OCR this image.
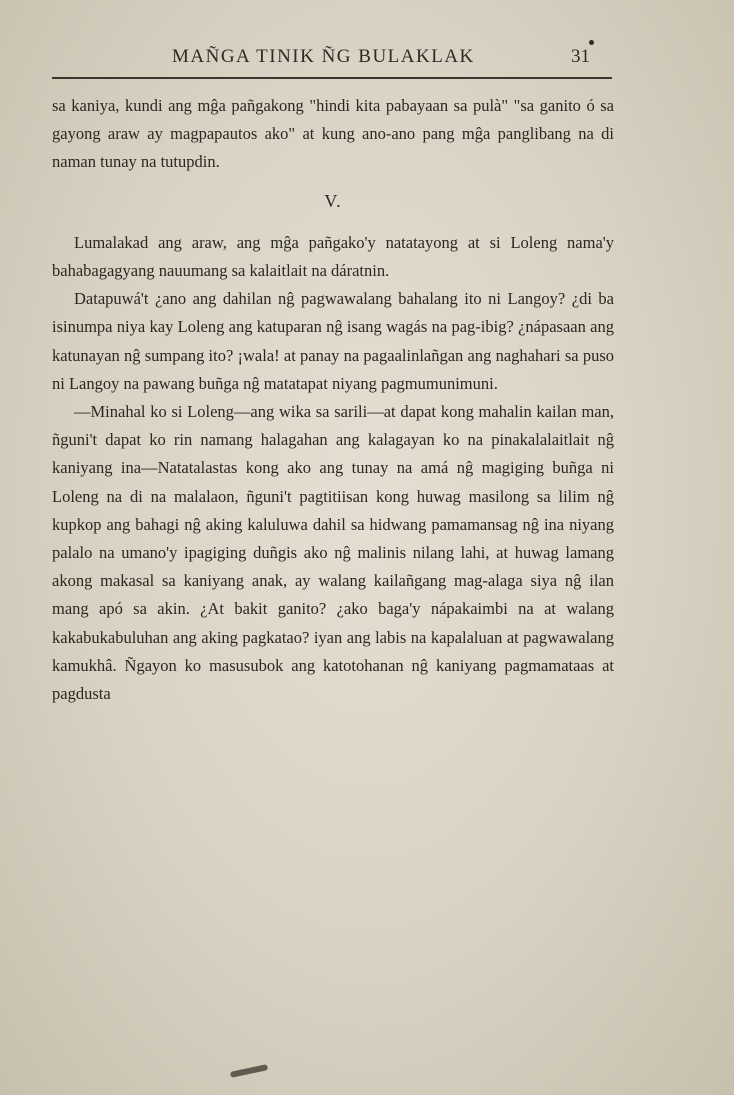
MAÑGA TINIK ÑG BULAKLAK	31

sa kaniya, kundi ang mĝa pañgakong "hindi kita pabayaan sa pulà" "sa ganito ó sa gayong araw ay magpapautos ako" at kung ano-ano pang mĝa panglibang na di naman tunay na tutupdin.

V.

Lumalakad ang araw, ang mĝa pañgako'y natatayong at si Loleng nama'y bahabagagyang nauumang sa kalaitlait na dáratnin.

Datapuwá't ¿ano ang dahilan nĝ pagwawalang bahalang ito ni Langoy? ¿di ba isinumpa niya kay Loleng ang katuparan nĝ isang wagás na pag-ibig? ¿nápasaan ang katunayan nĝ sumpang ito? ¡wala! at panay na pagaalinlañgan ang naghahari sa puso ni Langoy na pawang buñga nĝ matatapat niyang pagmumunimuni.

—Minahal ko si Loleng—ang wika sa sarili—at dapat kong mahalin kailan man, ñguni't dapat ko rin namang halagahan ang kalagayan ko na pinakalalaitlait nĝ kaniyang ina—Natatalastas kong ako ang tunay na amá nĝ magiging buñga ni Loleng na di na malalaon, ñguni't pagtitiisan kong huwag masilong sa lilim nĝ kupkop ang bahagi nĝ aking kaluluwa dahil sa hidwang pamamansag nĝ ina niyang palalo na umano'y ipagiging duñgis ako nĝ malinis nilang lahi, at huwag lamang akong makasal sa kaniyang anak, ay walang kailañgang mag-alaga siya nĝ ilan mang apó sa akin. ¿At bakit ganito? ¿ako baga'y nápakaimbi na at walang kakabukabuluhan ang aking pagkatao? iyan ang labis na kapalaluan at pagwawalang kamukhâ. Ñgayon ko masusubok ang katotohanan nĝ kaniyang pagmamataas at pagdusta
